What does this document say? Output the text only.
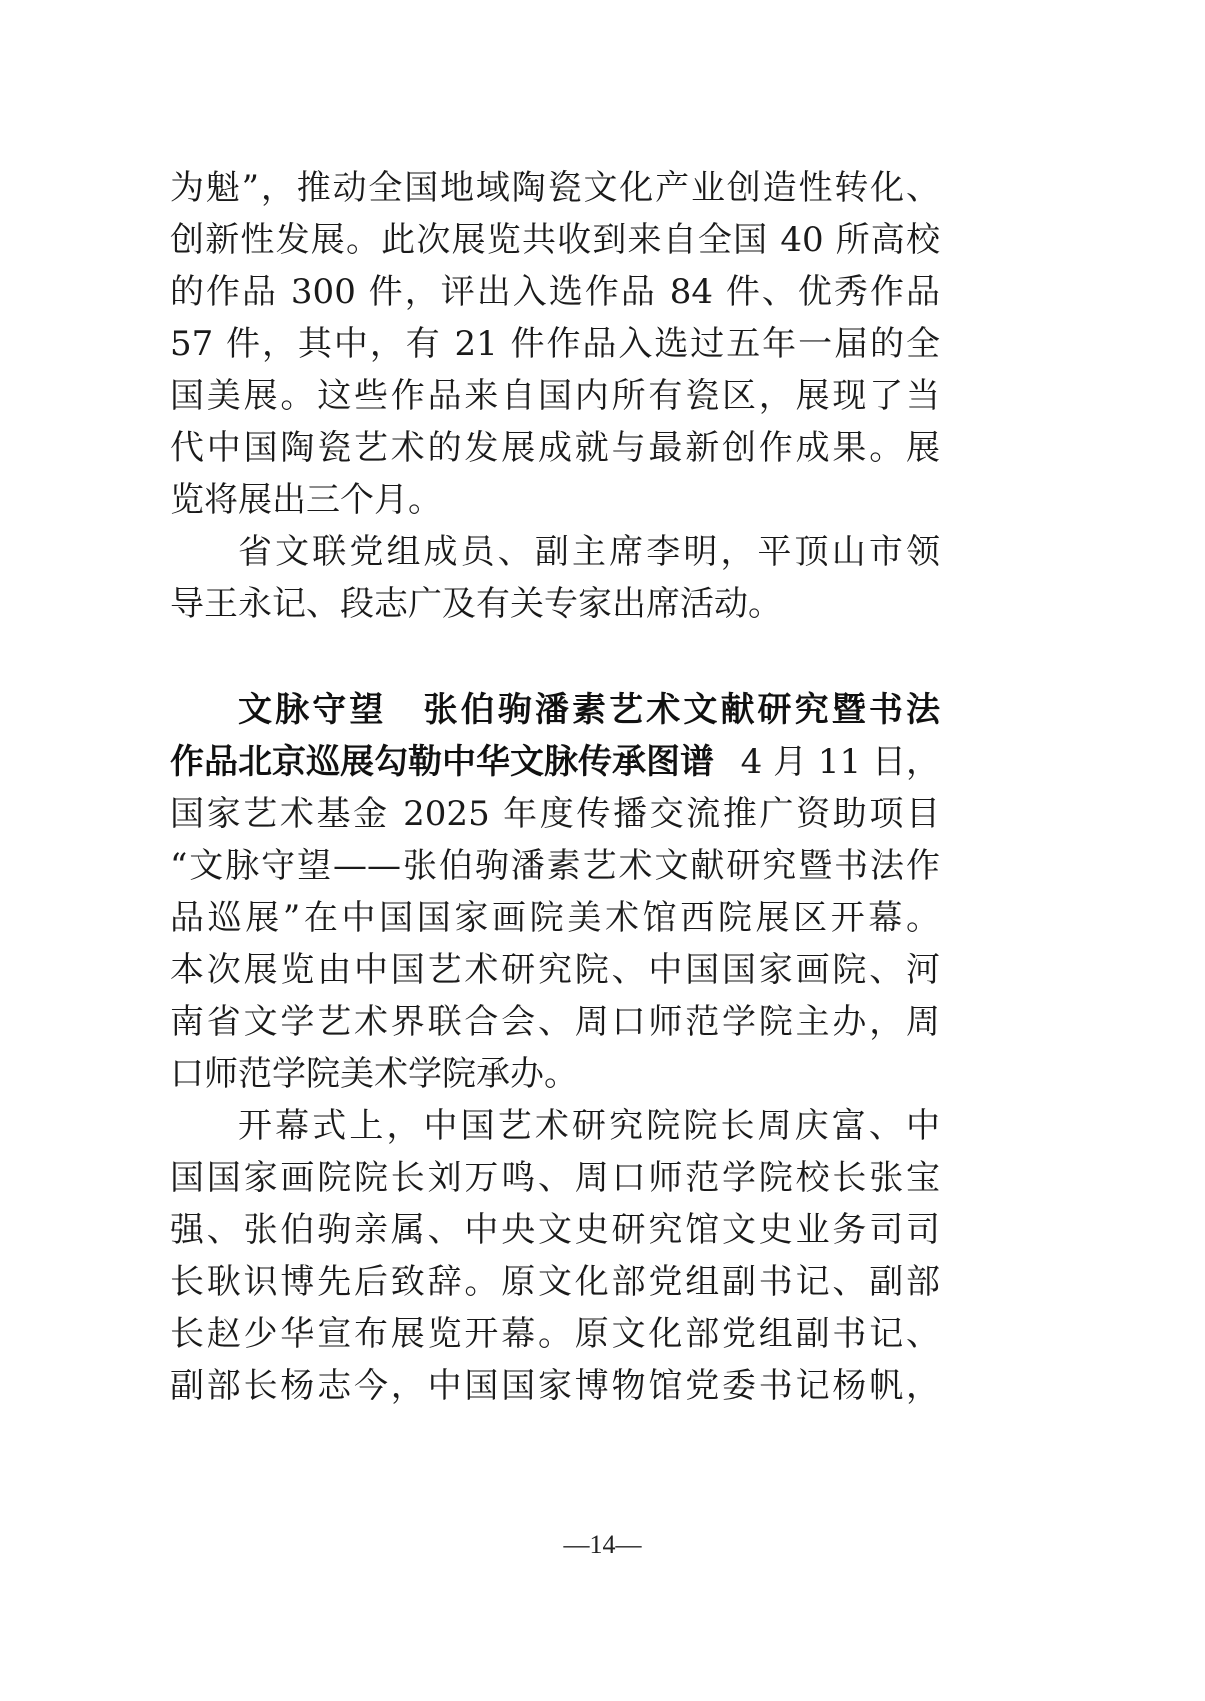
为魁”，推动全国地域陶瓷文化产业创造性转化、
创新性发展。此次展览共收到来自全国 40 所高校
的作品 300 件，评出入选作品 84 件、优秀作品
57 件，其中，有 21 件作品入选过五年一届的全
国美展。这些作品来自国内所有瓷区，展现了当
代中国陶瓷艺术的发展成就与最新创作成果。展
览将展出三个月。
省文联党组成员、副主席李明，平顶山市领
导王永记、段志广及有关专家出席活动。
文脉守望　张伯驹潘素艺术文献研究暨书法
作品北京巡展勾勒中华文脉传承图谱 4 月 11 日，
国家艺术基金 2025 年度传播交流推广资助项目
“文脉守望——张伯驹潘素艺术文献研究暨书法作
品巡展”在中国国家画院美术馆西院展区开幕。
本次展览由中国艺术研究院、中国国家画院、河
南省文学艺术界联合会、周口师范学院主办，周
口师范学院美术学院承办。
开幕式上，中国艺术研究院院长周庆富、中
国国家画院院长刘万鸣、周口师范学院校长张宝
强、张伯驹亲属、中央文史研究馆文史业务司司
长耿识博先后致辞。原文化部党组副书记、副部
长赵少华宣布展览开幕。原文化部党组副书记、
副部长杨志今，中国国家博物馆党委书记杨帆，
—14—
